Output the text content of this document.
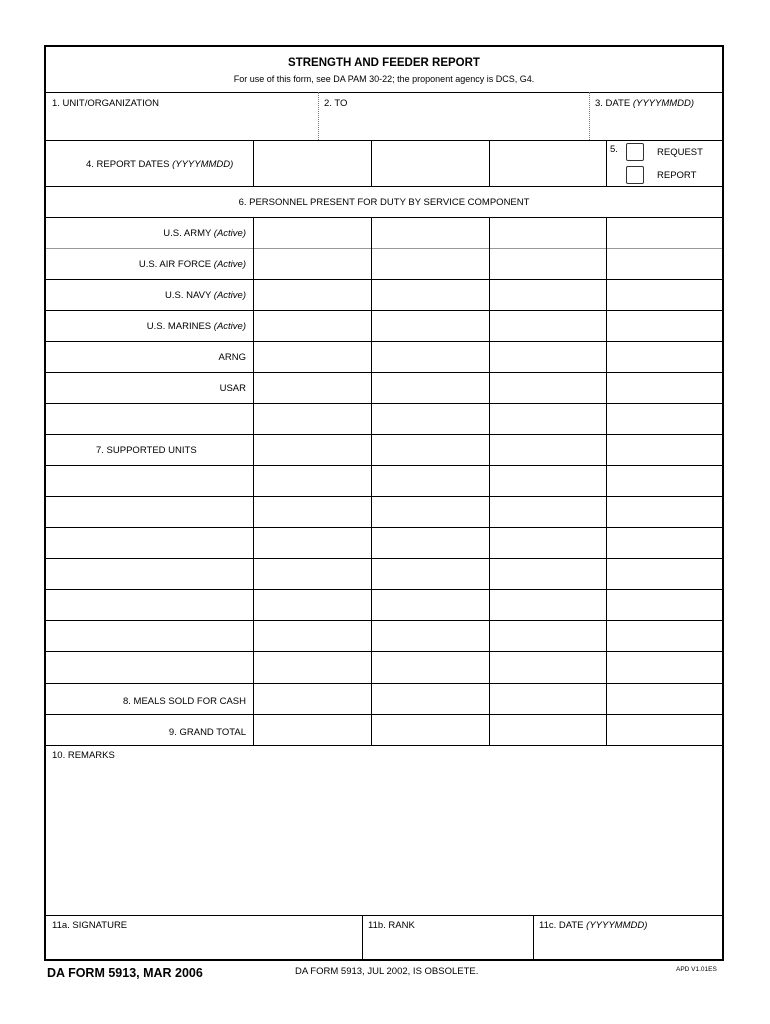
STRENGTH AND FEEDER REPORT
For use of this form, see DA PAM 30-22; the proponent agency is DCS, G4.
1. UNIT/ORGANIZATION	2. TO	3. DATE (YYYYMMDD)
4. REPORT DATES (YYYYMMDD)
5.	REQUEST
REPORT
6. PERSONNEL PRESENT FOR DUTY BY SERVICE COMPONENT
U.S. ARMY (Active)
U.S. AIR FORCE (Active)
U.S. NAVY (Active)
U.S. MARINES (Active)
ARNG
USAR
7. SUPPORTED UNITS
8. MEALS SOLD FOR CASH
9. GRAND TOTAL
10. REMARKS
11a. SIGNATURE	11b. RANK	11c. DATE (YYYYMMDD)
DA FORM 5913, MAR 2006	DA FORM 5913, JUL 2002, IS OBSOLETE.	APD V1.01ES
